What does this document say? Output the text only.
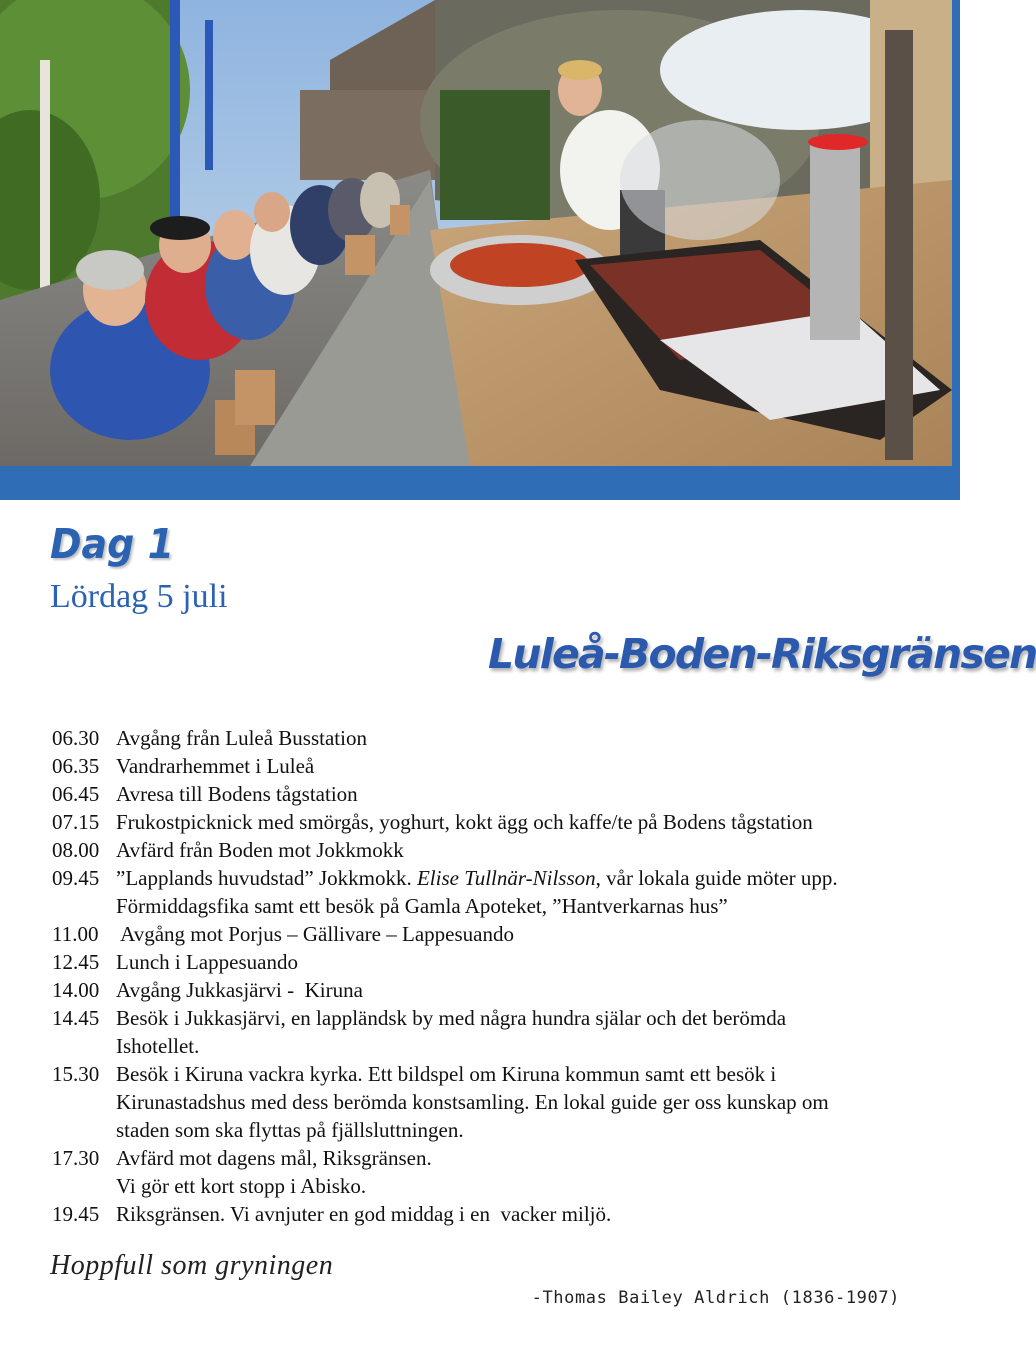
Dag 1
Lördag 5 juli
Luleå-Boden-Riksgränsen
06.30 Avgång från Luleå Busstation
06.35 Vandrarhemmet i Luleå
06.45 Avresa till Bodens tågstation
07.15 Frukostpicknick med smörgås, yoghurt, kokt ägg och kaffe/te på Bodens tågstation
08.00 Avfärd från Boden mot Jokkmokk
09.45 ”Lapplands huvudstad” Jokkmokk. Elise Tullnär-Nilsson, vår lokala guide möter upp.
Förmiddagsfika samt ett besök på Gamla Apoteket, ”Hantverkarnas hus”
11.00 Avgång mot Porjus – Gällivare – Lappesuando
12.45 Lunch i Lappesuando
14.00 Avgång Jukkasjärvi -  Kiruna
14.45 Besök i Jukkasjärvi, en lappländsk by med några hundra själar och det berömda
Ishotellet.
15.30 Besök i Kiruna vackra kyrka. Ett bildspel om Kiruna kommun samt ett besök i
Kirunastadshus med dess berömda konstsamling. En lokal guide ger oss kunskap om
staden som ska flyttas på fjällsluttningen.
17.30 Avfärd mot dagens mål, Riksgränsen.
Vi gör ett kort stopp i Abisko.
19.45 Riksgränsen. Vi avnjuter en god middag i en  vacker miljö.
Hoppfull som gryningen
-Thomas Bailey Aldrich (1836-1907)
